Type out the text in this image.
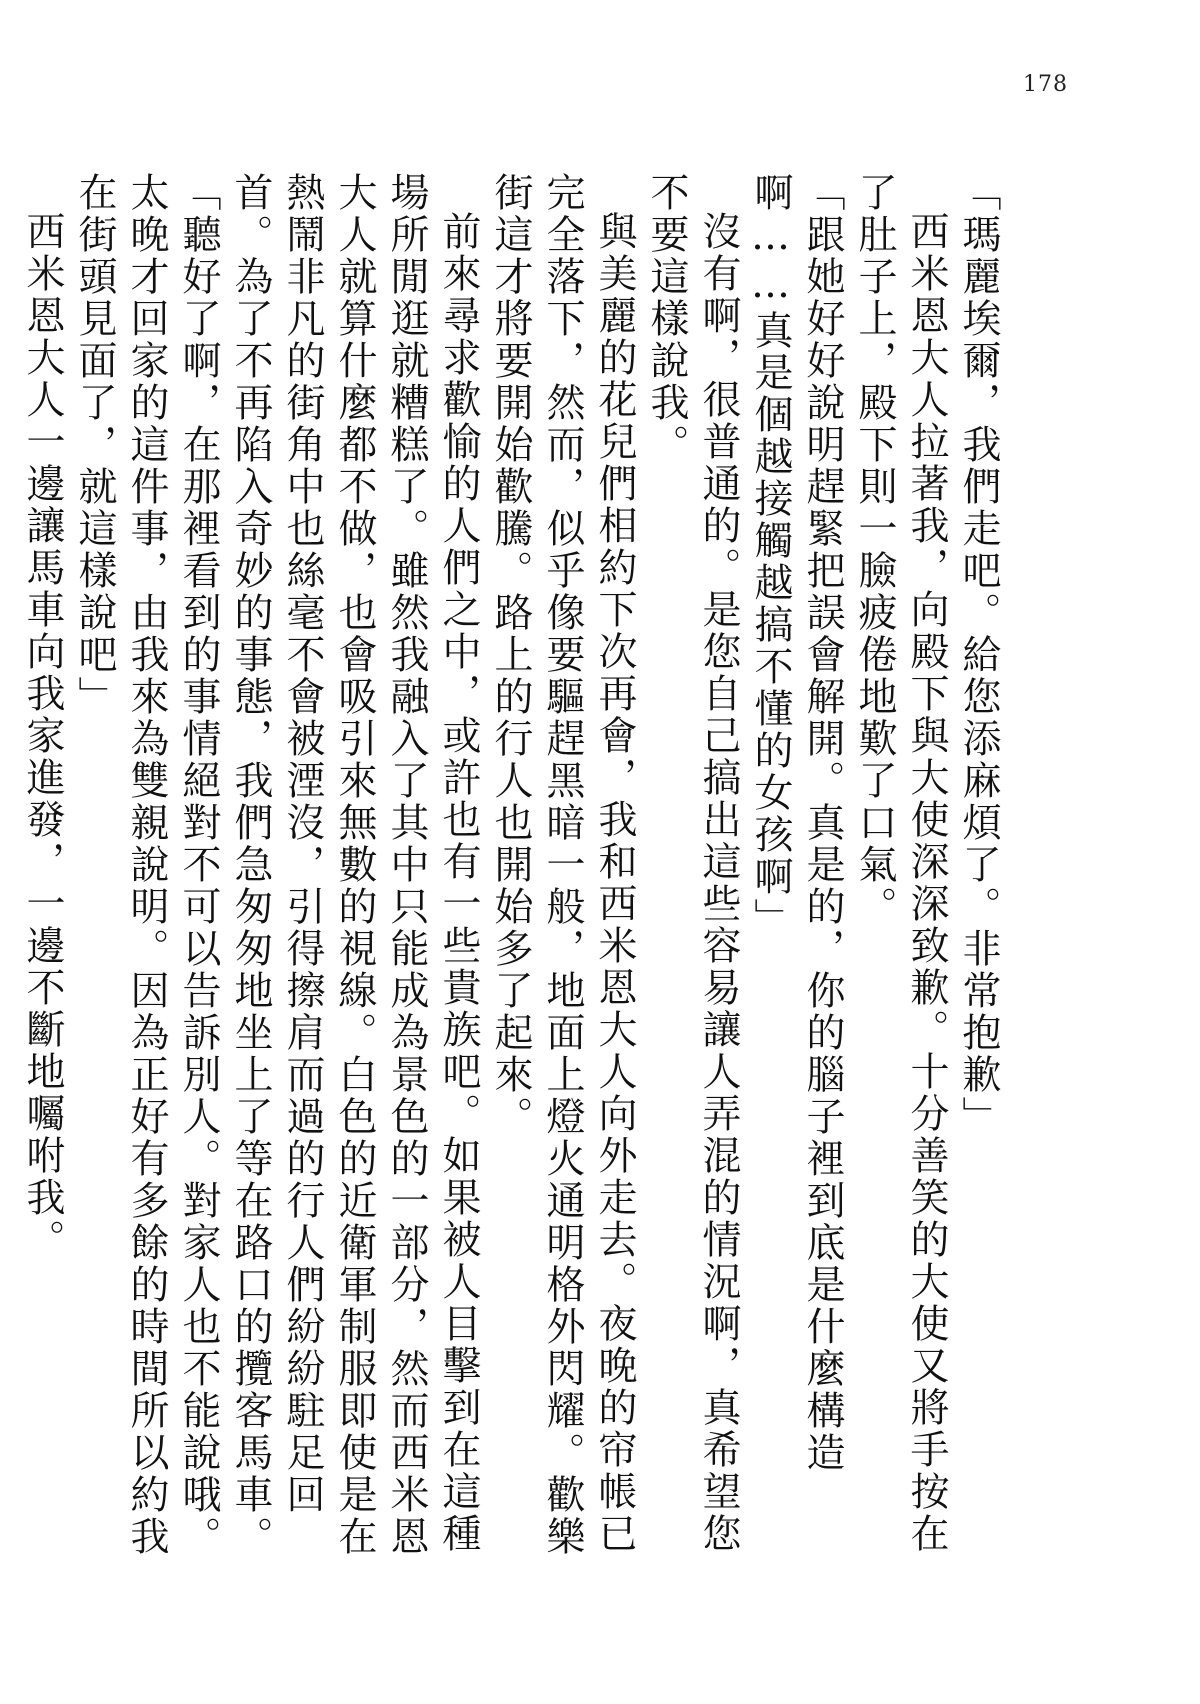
178

「瑪麗埃爾，我們走吧。給您添麻煩了。非常抱歉」

西米恩大人拉著我，向殿下與大使深深致歉。十分善笑的大使又將手按在了肚子上，殿下則一臉疲倦地歎了口氣。

「跟她好好說明趕緊把誤會解開。真是的，你的腦子裡到底是什麼構造啊……真是個越接觸越搞不懂的女孩啊」

沒有啊，很普通的。是您自己搞出這些容易讓人弄混的情況啊，真希望您不要這樣說我。

與美麗的花兒們相約下次再會，我和西米恩大人向外走去。夜晚的帘帳已完全落下，然而，似乎像要驅趕黑暗一般，地面上燈火通明格外閃耀。歡樂街這才將要開始歡騰。路上的行人也開始多了起來。

前來尋求歡愉的人們之中，或許也有一些貴族吧。如果被人目擊到在這種場所閒逛就糟糕了。雖然我融入了其中只能成為景色的一部分，然而西米恩大人就算什麼都不做，也會吸引來無數的視線。白色的近衛軍制服即使是在熱鬧非凡的街角中也絲毫不會被湮沒，引得擦肩而過的行人們紛紛駐足回首。為了不再陷入奇妙的事態，我們急匆匆地坐上了等在路口的攬客馬車。

「聽好了啊，在那裡看到的事情絕對不可以告訴別人。對家人也不能說哦。太晚才回家的這件事，由我來為雙親說明。因為正好有多餘的時間所以約我在街頭見面了，就這樣說吧」

西米恩大人一邊讓馬車向我家進發，一邊不斷地囑咐我。
